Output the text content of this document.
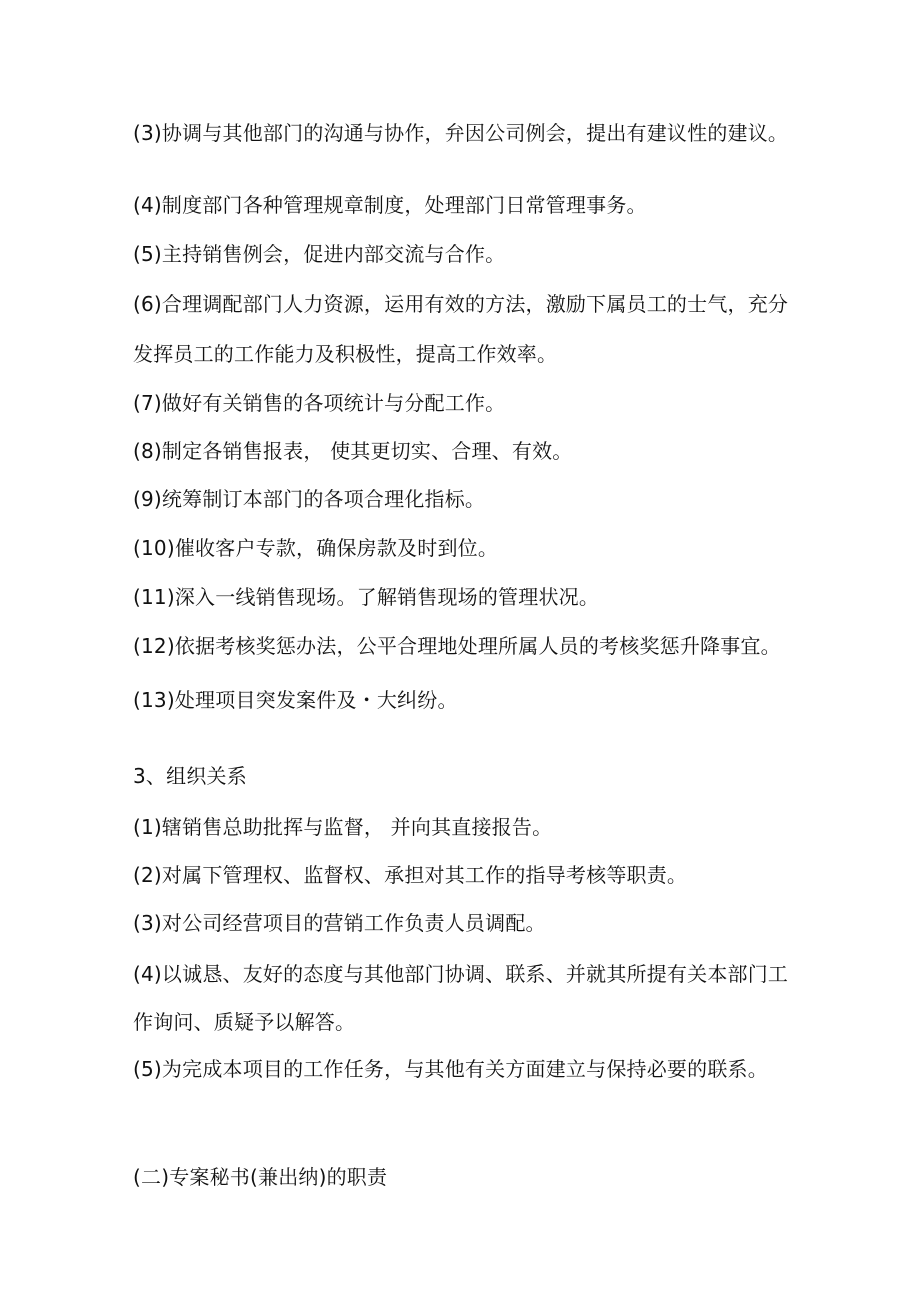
(3)协调与其他部门的沟通与协作，弁因公司例会，提出有建议性的建议。
(4)制度部门各种管理规章制度，处理部门日常管理事务。
(5)主持销售例会，促进内部交流与合作。
(6)合理调配部门人力资源，运用有效的方法，激励下属员工的士气，充分
发挥员工的工作能力及积极性，提高工作效率。
(7)做好有关销售的各项统计与分配工作。
(8)制定各销售报表， 使其更切实、合理、有效。
(9)统筹制订本部门的各项合理化指标。
(10)催收客户专款，确保房款及时到位。
(11)深入一线销售现场。了解销售现场的管理状况。
(12)依据考核奖惩办法，公平合理地处理所属人员的考核奖惩升降事宜。
(13)处理项目突发案件及・大纠纷。
3、组织关系
(1)辖销售总助批挥与监督， 并向其直接报告。
(2)对属下管理权、监督权、承担对其工作的指导考核等职责。
(3)对公司经营项目的营销工作负责人员调配。
(4)以诚恳、友好的态度与其他部门协调、联系、并就其所提有关本部门工
作询问、质疑予以解答。
(5)为完成本项目的工作任务，与其他有关方面建立与保持必要的联系。
(二)专案秘书(兼出纳)的职责
